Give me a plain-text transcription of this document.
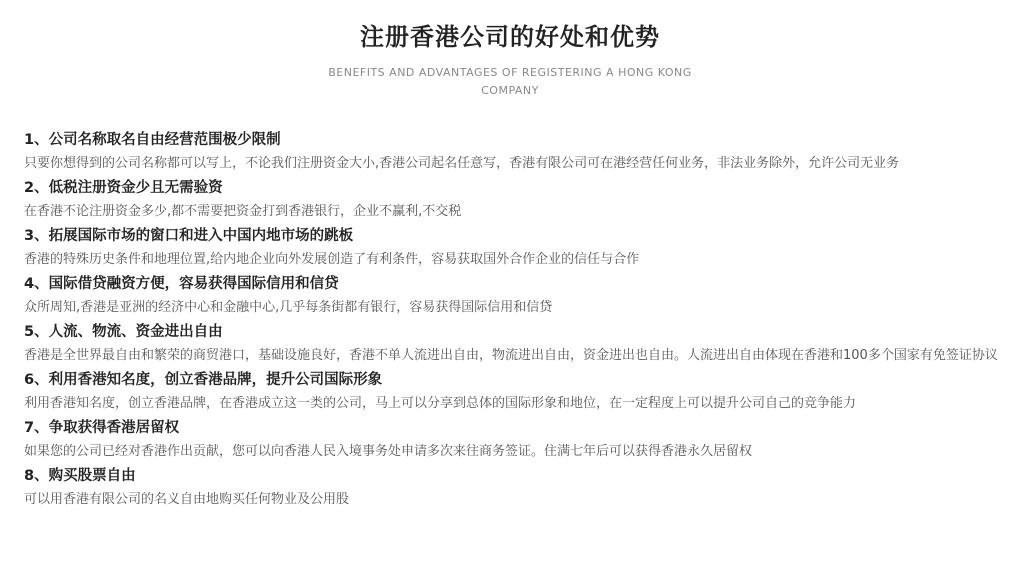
注册香港公司的好处和优势
BENEFITS AND ADVANTAGES OF REGISTERING A HONG KONG COMPANY
1、公司名称取名自由经营范围极少限制
只要你想得到的公司名称都可以写上，不论我们注册资金大小,香港公司起名任意写，香港有限公司可在港经营任何业务，非法业务除外，允许公司无业务
2、低税注册资金少且无需验资
在香港不论注册资金多少,都不需要把资金打到香港银行，企业不赢利,不交税
3、拓展国际市场的窗口和进入中国内地市场的跳板
香港的特殊历史条件和地理位置,给内地企业向外发展创造了有利条件，容易获取国外合作企业的信任与合作
4、国际借贷融资方便，容易获得国际信用和信贷
众所周知,香港是亚洲的经济中心和金融中心,几乎每条街都有银行，容易获得国际信用和信贷
5、人流、物流、资金进出自由
香港是全世界最自由和繁荣的商贸港口，基础设施良好，香港不单人流进出自由，物流进出自由，资金进出也自由。人流进出自由体现在香港和100多个国家有免签证协议
6、利用香港知名度，创立香港品牌，提升公司国际形象
利用香港知名度，创立香港品牌，在香港成立这一类的公司，马上可以分享到总体的国际形象和地位，在一定程度上可以提升公司自己的竞争能力
7、争取获得香港居留权
如果您的公司已经对香港作出贡献，您可以向香港人民入境事务处申请多次来往商务签证。住满七年后可以获得香港永久居留权
8、购买股票自由
可以用香港有限公司的名义自由地购买任何物业及公用股
